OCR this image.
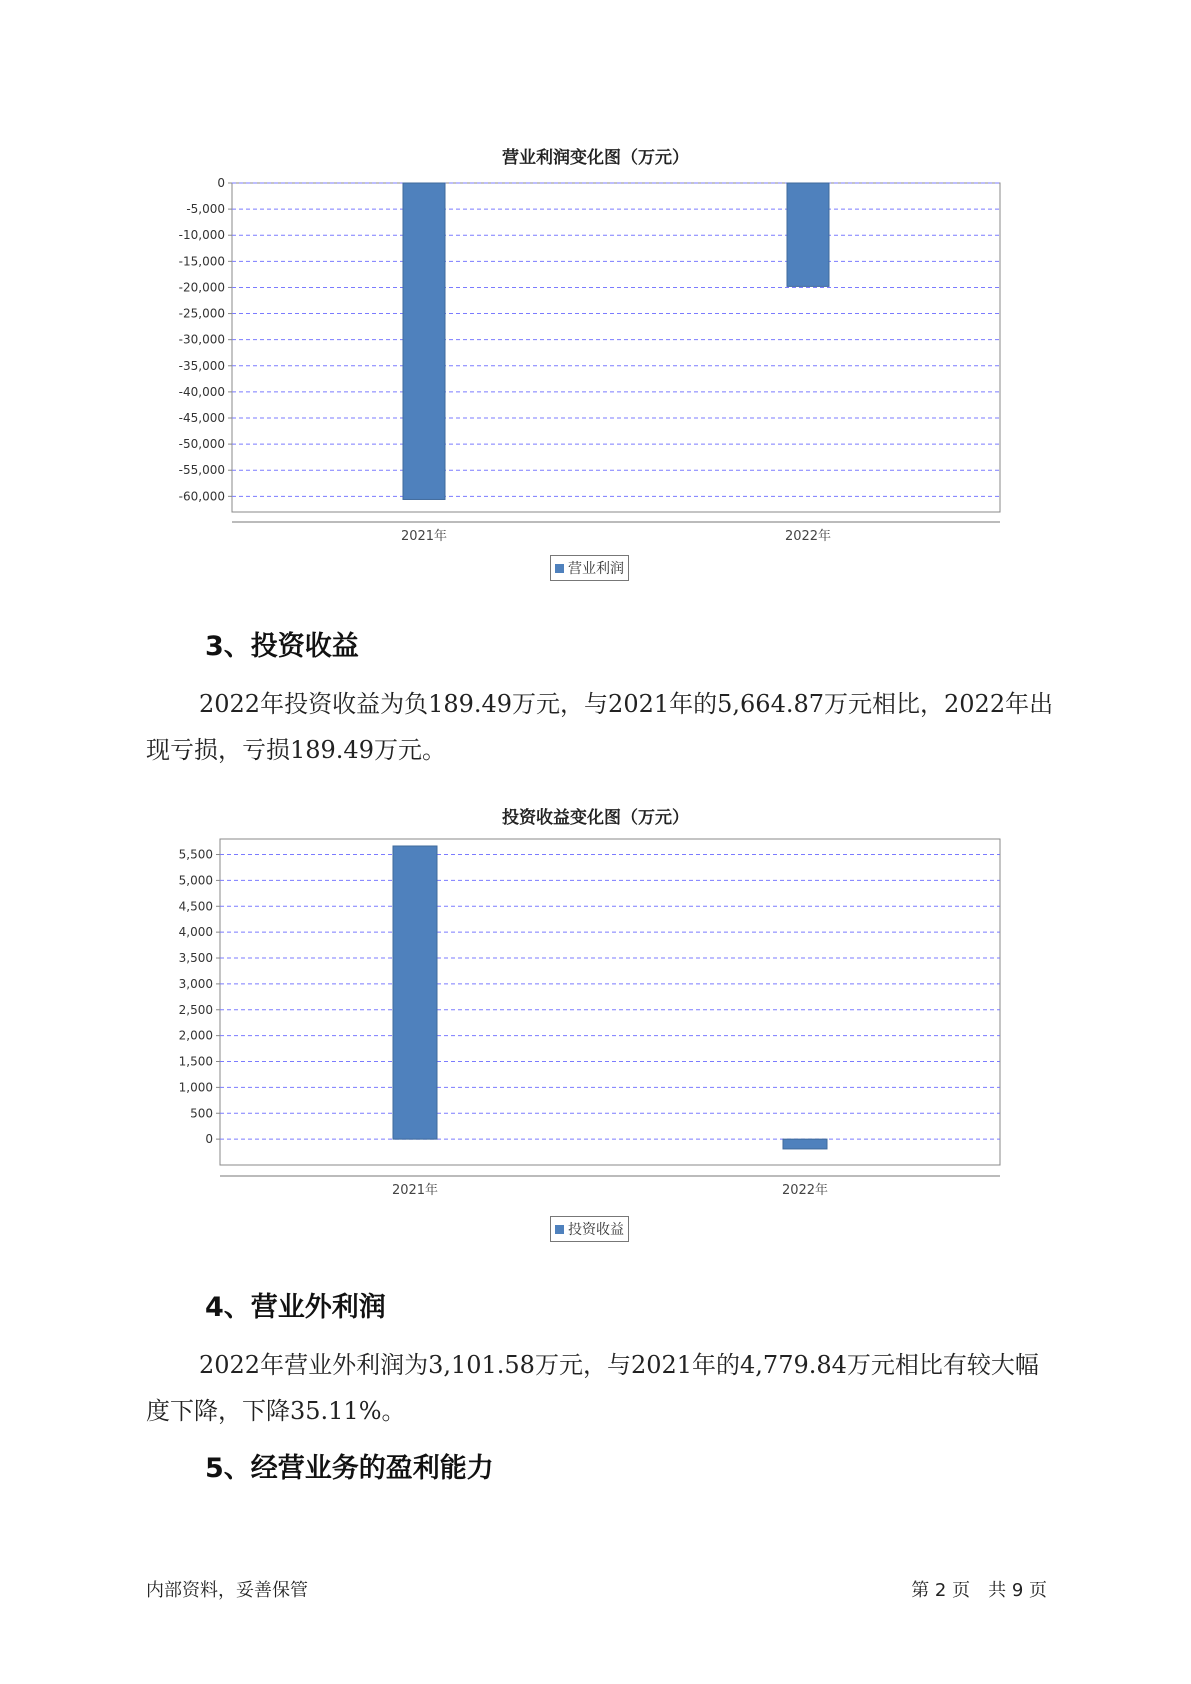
营业利润变化图（万元）
0
-5,000
-10,000
-15,000
-20,000
-25,000
-30,000
-35,000
-40,000
-45,000
-50,000
-55,000
-60,000
2021年	2022年
营业利润
3、投资收益

2022年投资收益为负189.49万元，与2021年的5,664.87万元相比，2022年出现亏损，亏损189.49万元。

投资收益变化图（万元）
5,500
5,000
4,500
4,000
3,500
3,000
2,500
2,000
1,500
1,000
500
0
2021年	2022年
投资收益
4、营业外利润

2022年营业外利润为3,101.58万元，与2021年的4,779.84万元相比有较大幅度下降，下降35.11%。

5、经营业务的盈利能力
内部资料，妥善保管	第 2 页　共 9 页
